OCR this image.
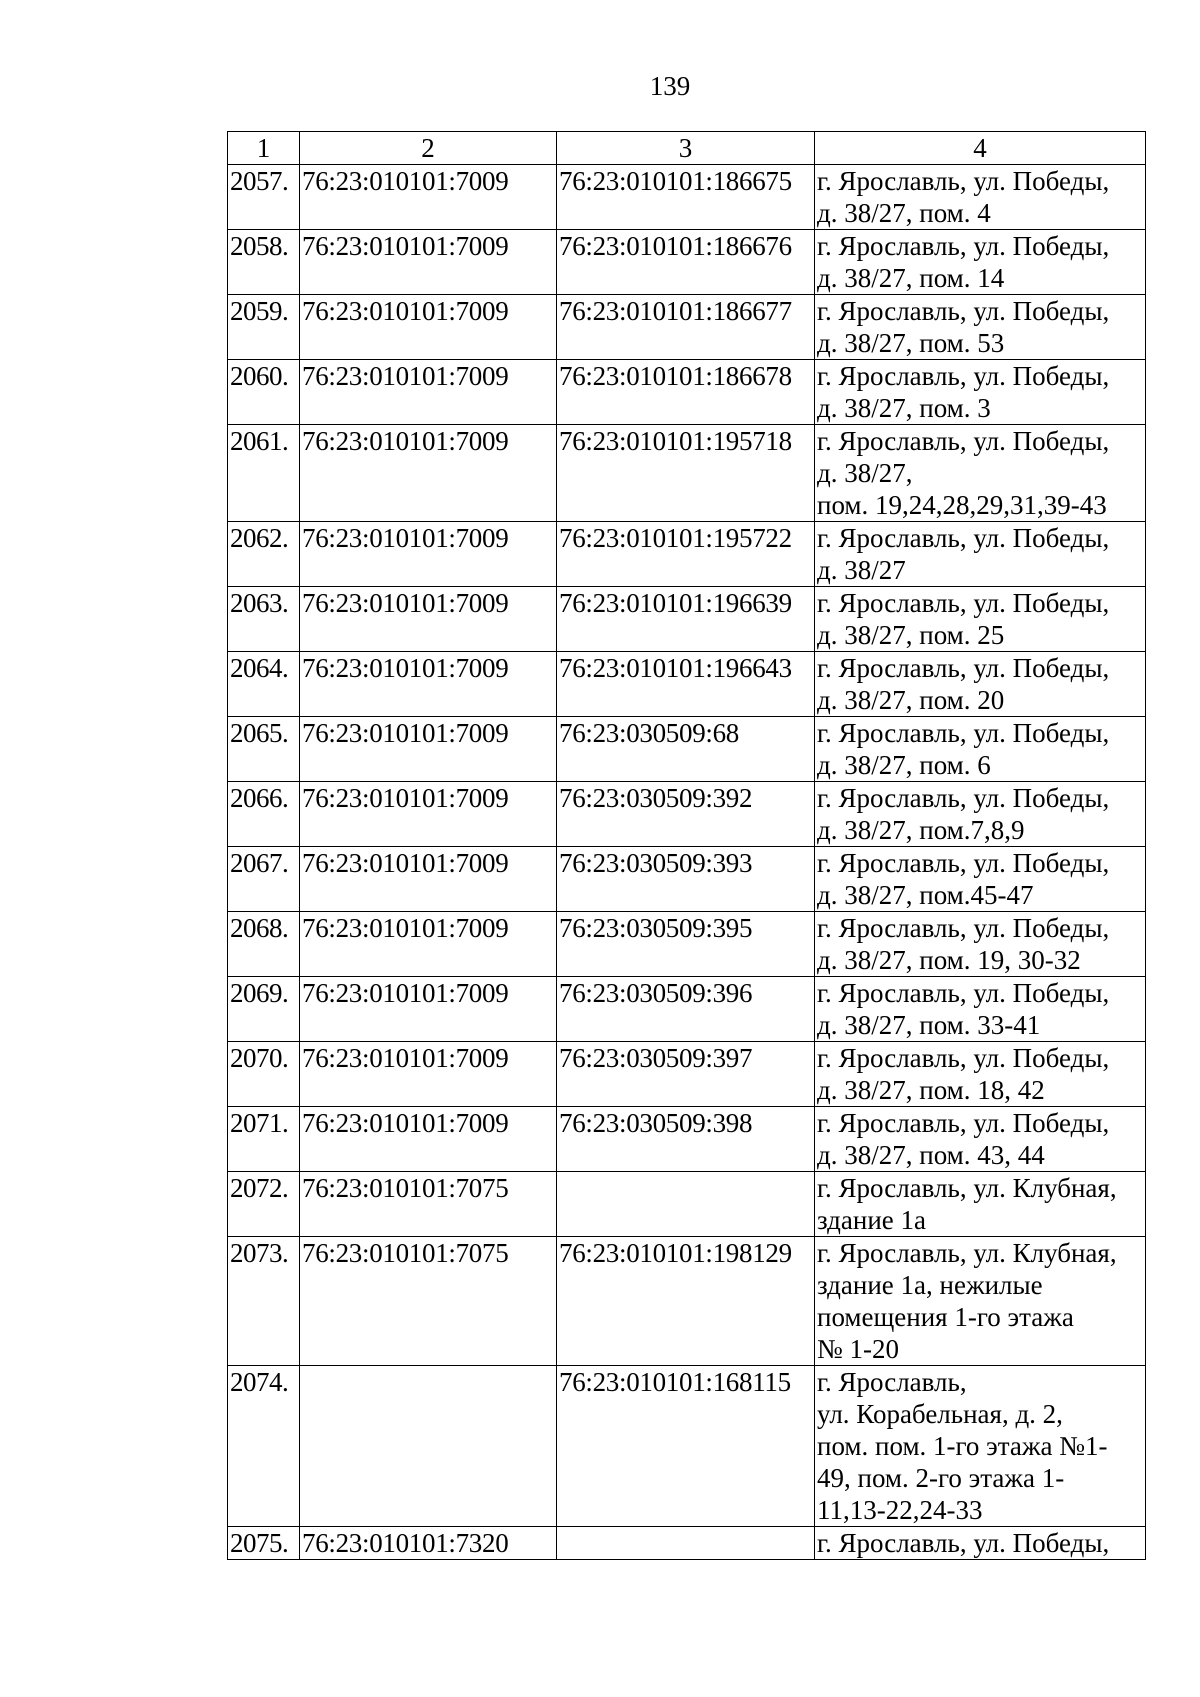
139
1	2	3	4
2057.	76:23:010101:7009	76:23:010101:186675	г. Ярославль, ул. Победы,
д. 38/27, пом. 4
2058.	76:23:010101:7009	76:23:010101:186676	г. Ярославль, ул. Победы,
д. 38/27, пом. 14
2059.	76:23:010101:7009	76:23:010101:186677	г. Ярославль, ул. Победы,
д. 38/27, пом. 53
2060.	76:23:010101:7009	76:23:010101:186678	г. Ярославль, ул. Победы,
д. 38/27, пом. 3
2061.	76:23:010101:7009	76:23:010101:195718	г. Ярославль, ул. Победы,
д. 38/27,
пом. 19,24,28,29,31,39-43
2062.	76:23:010101:7009	76:23:010101:195722	г. Ярославль, ул. Победы,
д. 38/27
2063.	76:23:010101:7009	76:23:010101:196639	г. Ярославль, ул. Победы,
д. 38/27, пом. 25
2064.	76:23:010101:7009	76:23:010101:196643	г. Ярославль, ул. Победы,
д. 38/27, пом. 20
2065.	76:23:010101:7009	76:23:030509:68	г. Ярославль, ул. Победы,
д. 38/27, пом. 6
2066.	76:23:010101:7009	76:23:030509:392	г. Ярославль, ул. Победы,
д. 38/27, пом.7,8,9
2067.	76:23:010101:7009	76:23:030509:393	г. Ярославль, ул. Победы,
д. 38/27, пом.45-47
2068.	76:23:010101:7009	76:23:030509:395	г. Ярославль, ул. Победы,
д. 38/27, пом. 19, 30-32
2069.	76:23:010101:7009	76:23:030509:396	г. Ярославль, ул. Победы,
д. 38/27, пом. 33-41
2070.	76:23:010101:7009	76:23:030509:397	г. Ярославль, ул. Победы,
д. 38/27, пом. 18, 42
2071.	76:23:010101:7009	76:23:030509:398	г. Ярославль, ул. Победы,
д. 38/27, пом. 43, 44
2072.	76:23:010101:7075		г. Ярославль, ул. Клубная,
здание 1а
2073.	76:23:010101:7075	76:23:010101:198129	г. Ярославль, ул. Клубная,
здание 1а, нежилые
помещения 1-го этажа
№ 1-20
2074.		76:23:010101:168115	г. Ярославль,
ул. Корабельная, д. 2,
пом. пом. 1-го этажа №1-
49, пом. 2-го этажа 1-
11,13-22,24-33
2075.	76:23:010101:7320		г. Ярославль, ул. Победы,
